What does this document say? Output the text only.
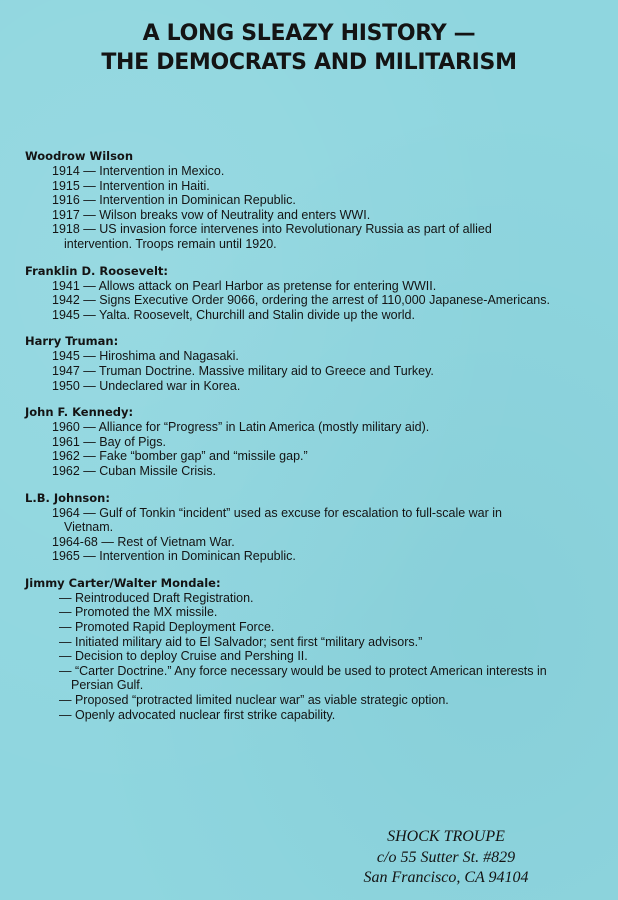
A LONG SLEAZY HISTORY —
THE DEMOCRATS AND MILITARISM
Woodrow Wilson
1914 — Intervention in Mexico.
1915 — Intervention in Haiti.
1916 — Intervention in Dominican Republic.
1917 — Wilson breaks vow of Neutrality and enters WWI.
1918 — US invasion force intervenes into Revolutionary Russia as part of allied
intervention. Troops remain until 1920.
Franklin D. Roosevelt:
1941 — Allows attack on Pearl Harbor as pretense for entering WWII.
1942 — Signs Executive Order 9066, ordering the arrest of 110,000 Japanese-Americans.
1945 — Yalta. Roosevelt, Churchill and Stalin divide up the world.
Harry Truman:
1945 — Hiroshima and Nagasaki.
1947 — Truman Doctrine. Massive military aid to Greece and Turkey.
1950 — Undeclared war in Korea.
John F. Kennedy:
1960 — Alliance for “Progress” in Latin America (mostly military aid).
1961 — Bay of Pigs.
1962 — Fake “bomber gap” and “missile gap.”
1962 — Cuban Missile Crisis.
L.B. Johnson:
1964 — Gulf of Tonkin “incident” used as excuse for escalation to full-scale war in
Vietnam.
1964-68 — Rest of Vietnam War.
1965 — Intervention in Dominican Republic.
Jimmy Carter/Walter Mondale:
— Reintroduced Draft Registration.
— Promoted the MX missile.
— Promoted Rapid Deployment Force.
— Initiated military aid to El Salvador; sent first “military advisors.”
— Decision to deploy Cruise and Pershing II.
— “Carter Doctrine.” Any force necessary would be used to protect American interests in
Persian Gulf.
— Proposed “protracted limited nuclear war” as viable strategic option.
— Openly advocated nuclear first strike capability.
SHOCK TROUPE
c/o 55 Sutter St. #829
San Francisco, CA 94104
